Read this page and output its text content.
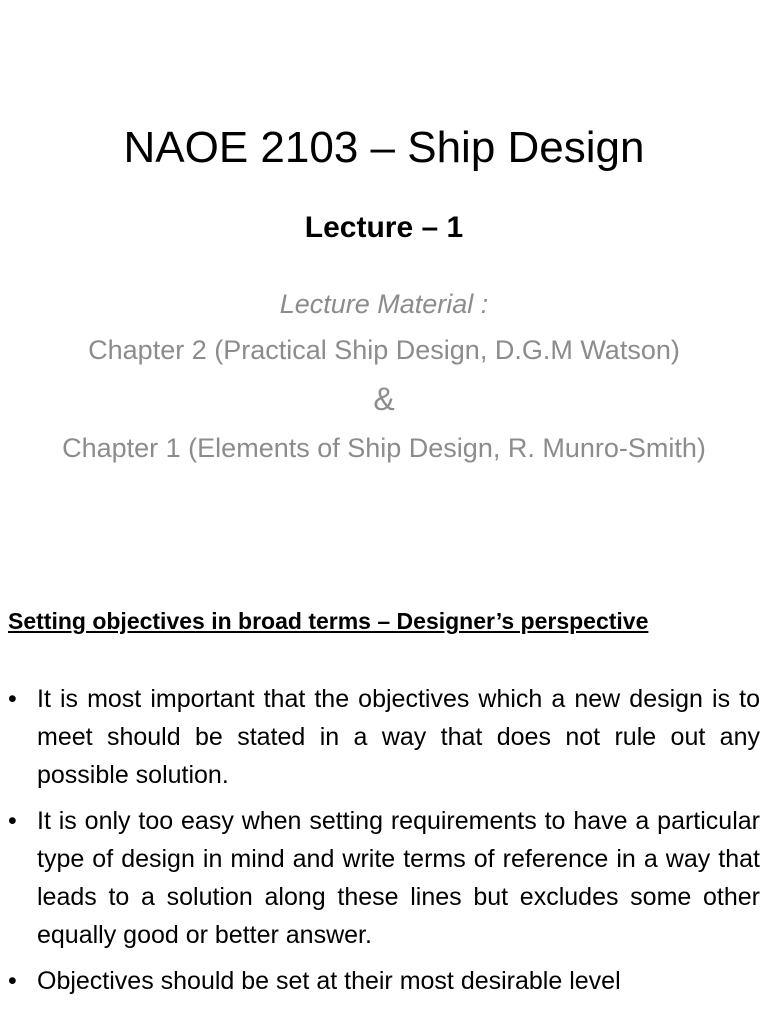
NAOE 2103 – Ship Design
Lecture – 1
Lecture Material :
Chapter 2 (Practical Ship Design, D.G.M Watson)
&
Chapter 1 (Elements of Ship Design, R. Munro-Smith)
Setting objectives in broad terms – Designer’s perspective
• It is most important that the objectives which a new design is to meet should be stated in a way that does not rule out any possible solution.
• It is only too easy when setting requirements to have a particular type of design in mind and write terms of reference in a way that leads to a solution along these lines but excludes some other equally good or better answer.
• Objectives should be set at their most desirable level
